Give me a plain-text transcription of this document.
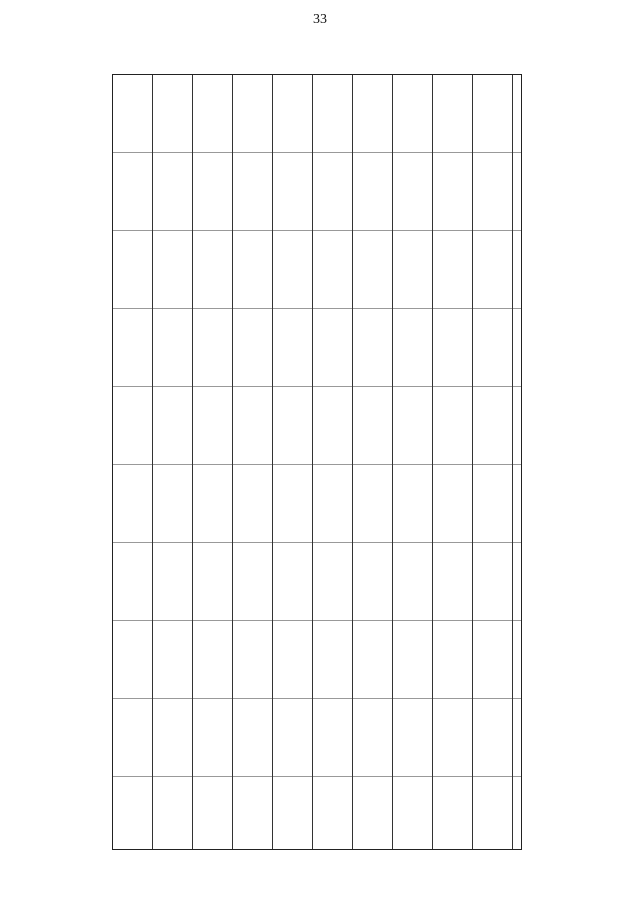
33
